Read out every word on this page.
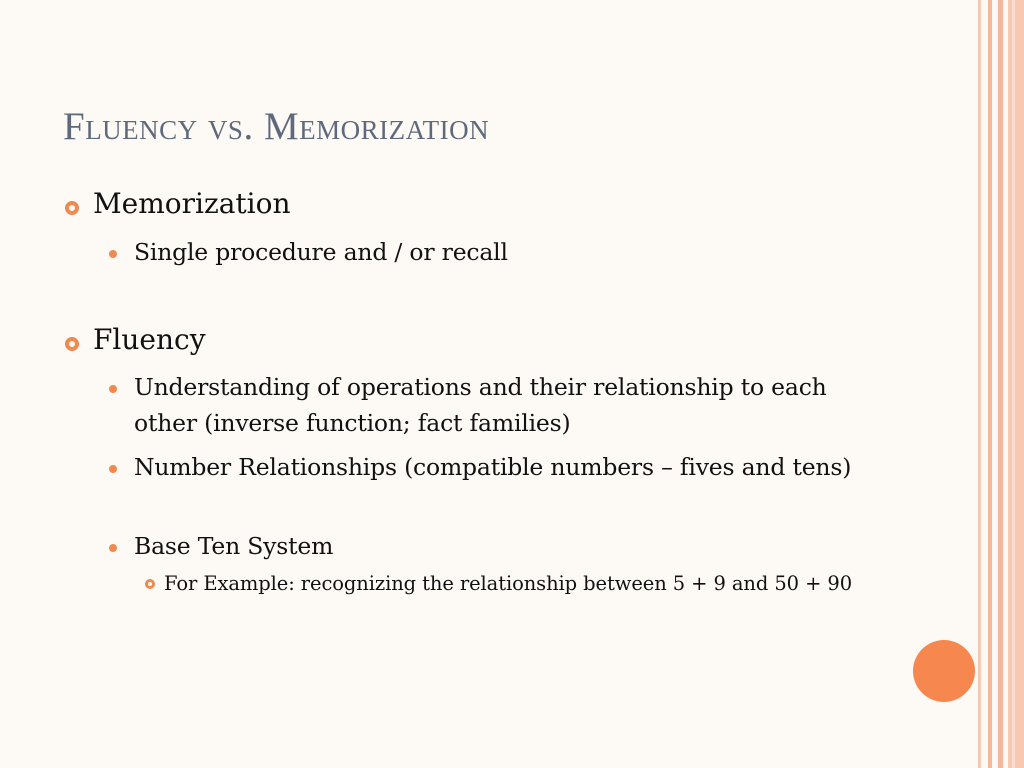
Fluency vs. Memorization
Memorization
Single procedure and / or recall
Fluency
Understanding of operations and their relationship to each other (inverse function; fact families)
Number Relationships (compatible numbers – fives and tens)
Base Ten System
For Example: recognizing the relationship between 5 + 9 and 50 + 90
